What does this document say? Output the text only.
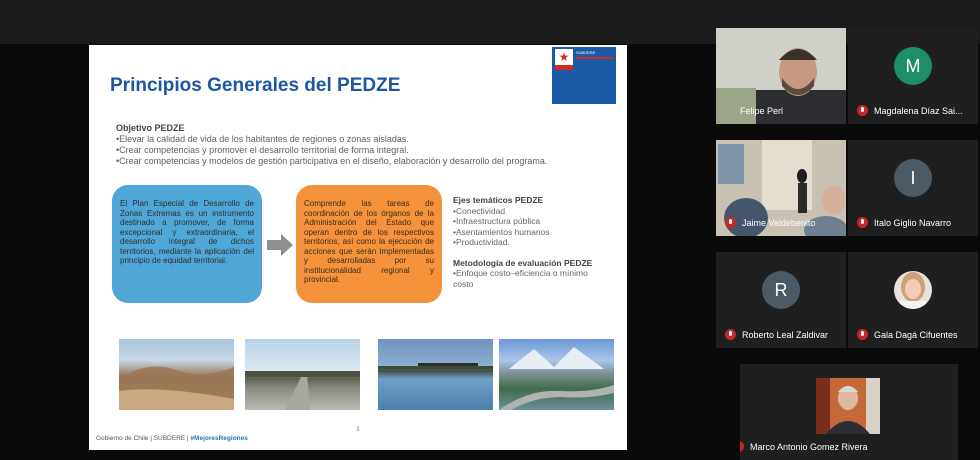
Principios Generales del PEDZE
★	SUBDERE
Objetivo PEDZE
•Elevar la calidad de vida de los habitantes de regiones o zonas aisladas.
•Crear competencias y promover el desarrollo territorial de forma integral.
•Crear competencias y modelos de gestión participativa en el diseño, elaboración y desarrollo del programa.
El Plan Especial de Desarrollo de Zonas Extremas es un instrumento destinado a promover, de forma excepcional y extraordinaria, el desarrollo integral de dichos territorios, mediante la aplicación del principio de equidad territorial.
Comprende las tareas de coordinación de los órganos de la Administración del Estado que operan dentro de los respectivos territorios, así como la ejecución de acciones que serán implementadas y desarrolladas por su institucionalidad regional y provincial.
Ejes temáticos PEDZE
•Conectividad
•Infraestructura pública
•Asentamientos humanos
•Productividad.
Metodología de evaluación PEDZE
•Enfoque costo–eficiencia o mínimo
costo
3
Gobierno de Chile | SUBDERE | #MejoresRegiones
Felipe Perl
M
Magdalena Díaz Sai...
Jaime Valdebenito
I
Italo Giglio Navarro
R
Roberto Leal Zaldivar	Gala Dagá Cifuentes
Marco Antonio Gomez Rivera
